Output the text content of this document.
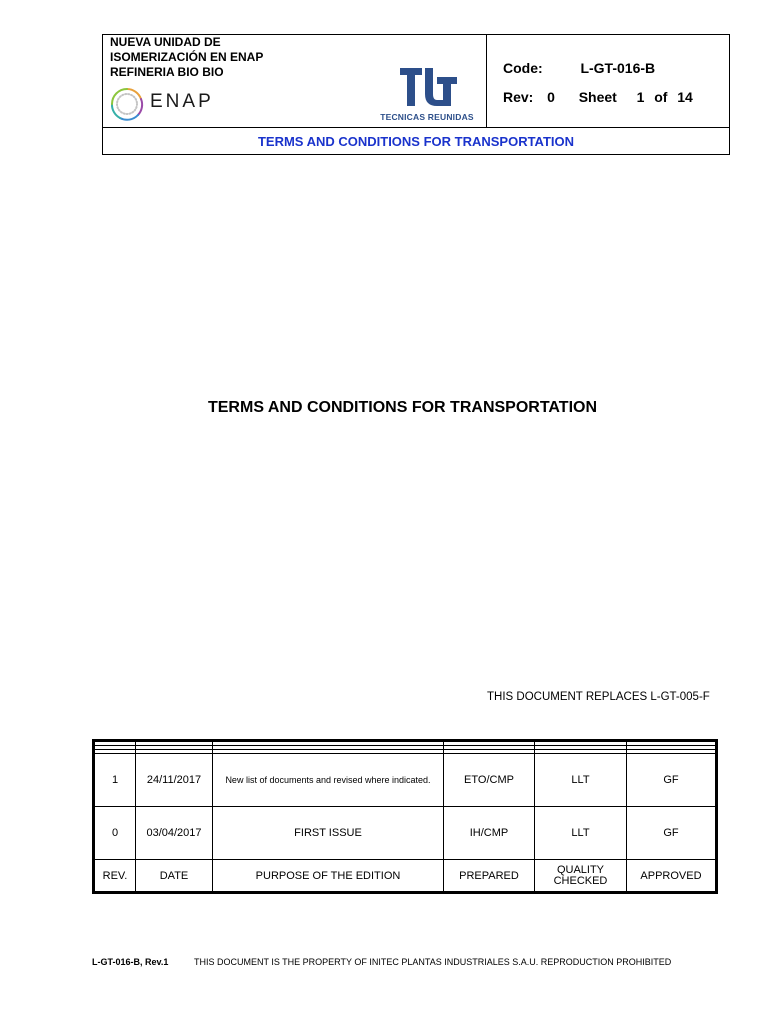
NUEVA UNIDAD DE
ISOMERIZACIÓN EN ENAP
REFINERIA BIO BIO
ENAP
TECNICAS REUNIDAS
Code:	L-GT-016-B
Rev: 0 Sheet 1 of 14
TERMS AND CONDITIONS FOR TRANSPORTATION
TERMS AND CONDITIONS FOR TRANSPORTATION
THIS DOCUMENT REPLACES L-GT-005-F

1	24/11/2017	New list of documents and revised where indicated.	ETO/CMP	LLT	GF
0	03/04/2017	FIRST ISSUE	IH/CMP	LLT	GF
REV.	DATE	PURPOSE OF THE EDITION	PREPARED	QUALITY CHECKED	APPROVED
L-GT-016-B, Rev.1	THIS DOCUMENT IS THE PROPERTY OF INITEC PLANTAS INDUSTRIALES S.A.U. REPRODUCTION PROHIBITED
